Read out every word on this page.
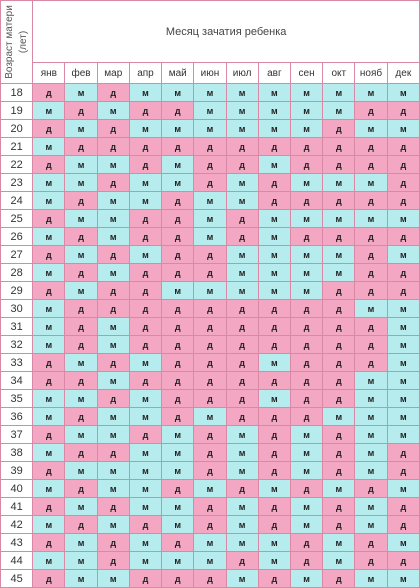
Возраст матери (лет)	Месяц зачатия ребенка											
	янв	фев	мар	апр	май	июн	июл	авг	сен	окт	нояб	дек
18	д	м	д	м	м	м	м	м	м	м	м	м
19	м	д	м	д	д	м	м	м	м	м	д	д
20	д	м	д	м	м	м	м	м	м	д	м	м
21	м	д	д	д	д	д	д	д	д	д	д	д
22	д	м	м	д	м	д	д	м	д	д	д	д
23	м	м	д	м	м	д	м	д	м	м	м	д
24	м	д	м	м	д	м	м	д	д	д	д	д
25	д	м	м	д	д	м	д	м	м	м	м	м
26	м	д	м	д	д	м	д	м	д	д	д	д
27	д	м	д	м	д	д	м	м	м	м	д	м
28	м	д	м	д	д	д	м	м	м	м	д	д
29	д	м	д	д	м	м	м	м	м	д	д	д
30	м	д	д	д	д	д	д	д	д	д	м	м
31	м	д	м	д	д	д	д	д	д	д	д	м
32	м	д	м	д	д	д	д	д	д	д	д	м
33	д	м	д	м	д	д	д	м	д	д	д	м
34	д	д	м	д	д	д	д	д	д	д	м	м
35	м	м	д	м	д	д	д	м	д	д	м	м
36	м	д	м	м	д	м	д	д	д	м	м	м
37	д	м	м	д	м	д	м	д	м	д	м	м
38	м	д	д	м	м	д	м	д	м	д	м	д
39	д	м	м	м	м	д	м	д	м	д	м	д
40	м	д	м	м	д	м	д	м	д	м	д	м
41	д	м	д	м	м	д	м	д	м	д	м	д
42	м	д	м	д	м	д	м	д	м	д	м	д
43	д	м	д	м	д	м	м	м	д	м	д	м
44	м	м	д	м	м	м	д	м	д	м	д	д
45	д	м	м	д	д	д	м	д	м	д	м	м
